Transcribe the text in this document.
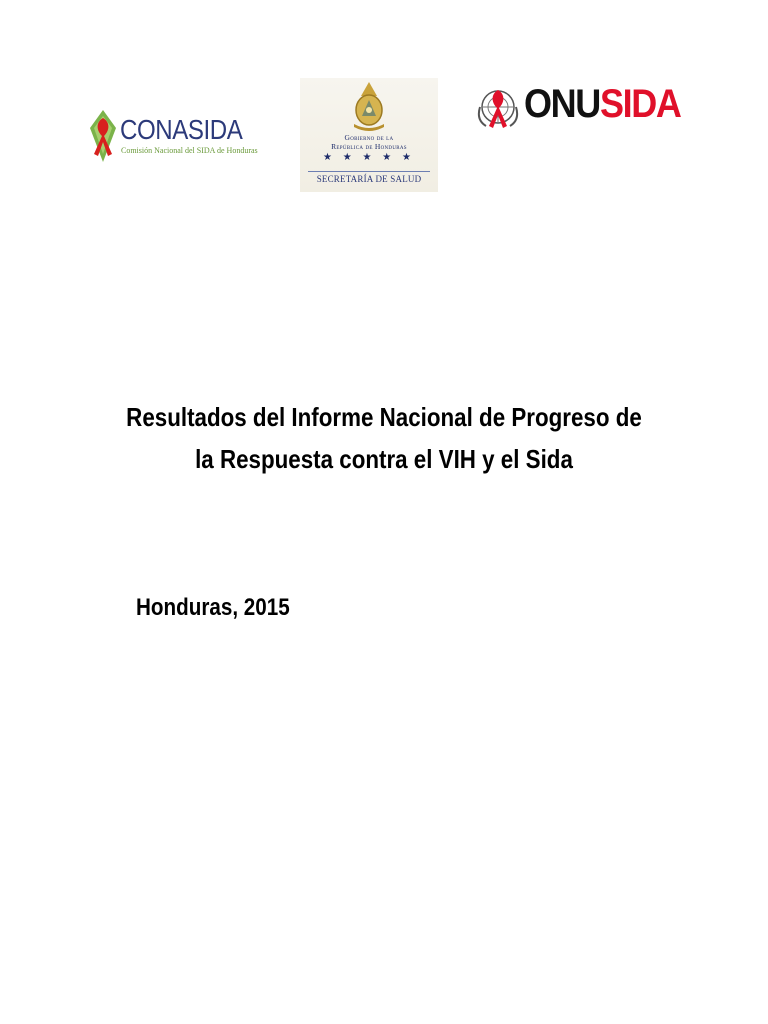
CONASIDA
Comisión Nacional del SIDA de Honduras
Gobierno de la
República de Honduras
★ ★ ★ ★ ★
SECRETARÍA DE SALUD
ONUSIDA
Resultados del Informe Nacional de Progreso de
la Respuesta contra el VIH y el Sida
Honduras, 2015
